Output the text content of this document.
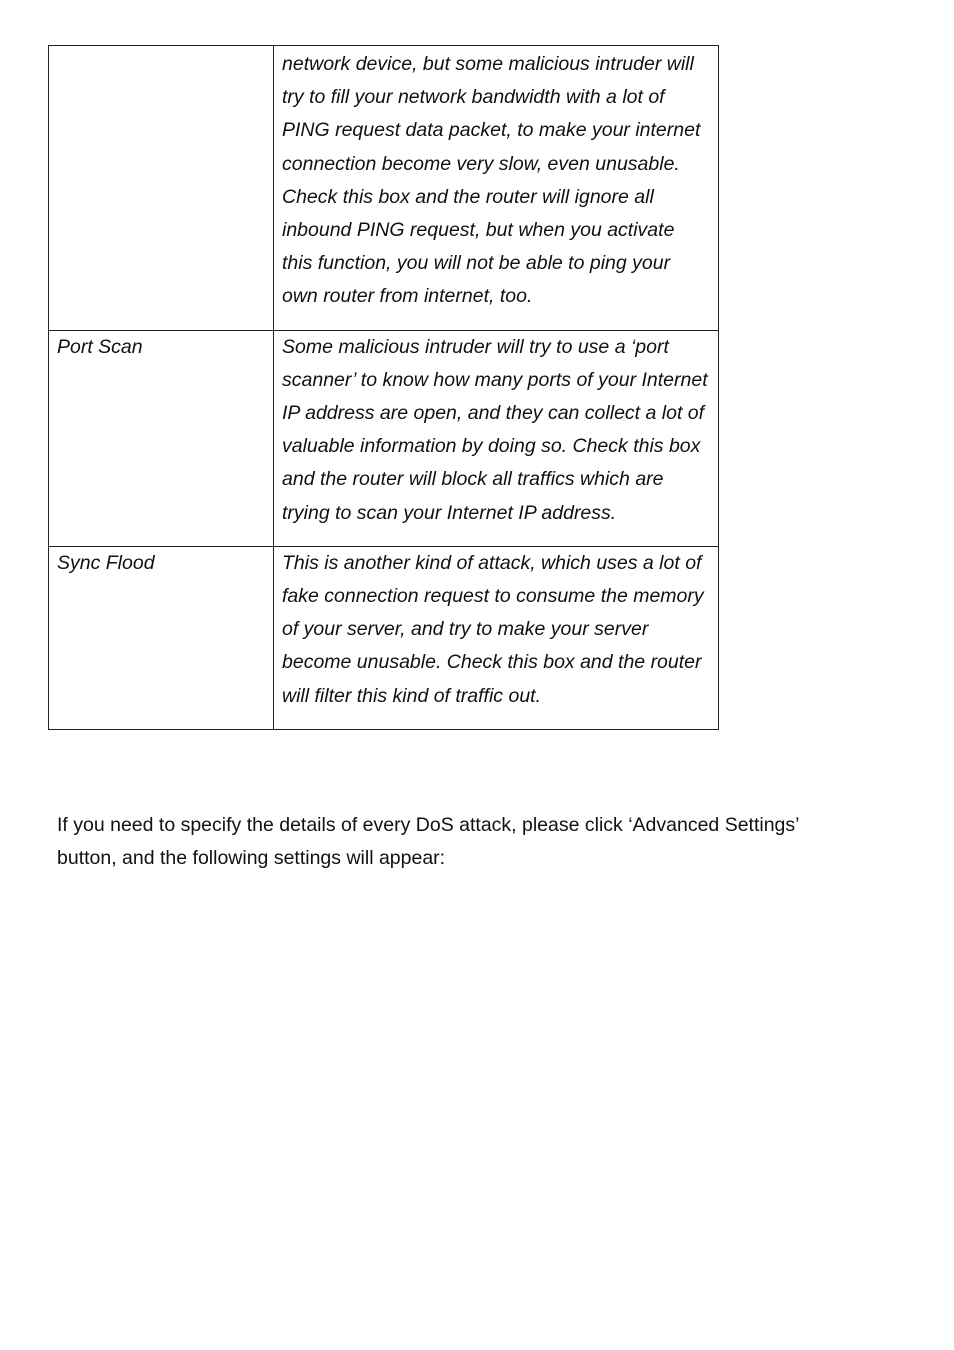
	network device, but some malicious intruder will try to fill your network bandwidth with a lot of PING request data packet, to make your internet connection become very slow, even unusable. Check this box and the router will ignore all inbound PING request, but when you activate this function, you will not be able to ping your own router from internet, too.
Port Scan	Some malicious intruder will try to use a ‘port scanner’ to know how many ports of your Internet IP address are open, and they can collect a lot of valuable information by doing so. Check this box and the router will block all traffics which are trying to scan your Internet IP address.
Sync Flood	This is another kind of attack, which uses a lot of fake connection request to consume the memory of your server, and try to make your server become unusable. Check this box and the router will filter this kind of traffic out.

If you need to specify the details of every DoS attack, please click ‘Advanced Settings’ button, and the following settings will appear:
